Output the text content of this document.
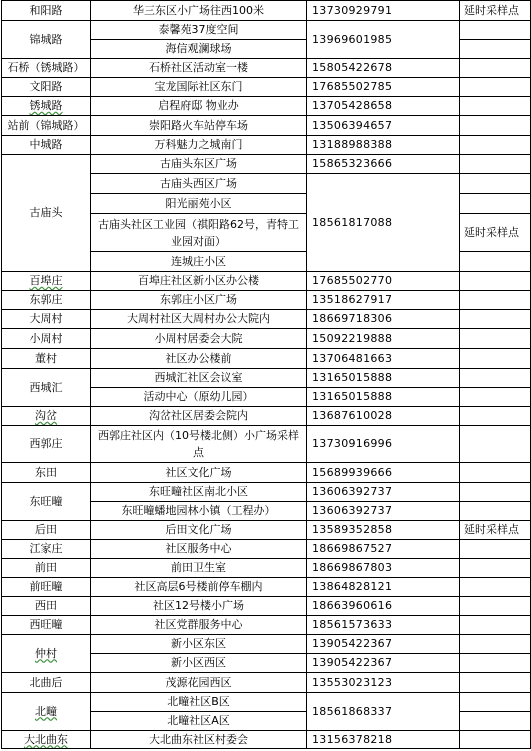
和阳路	华三东区小广场往西100米	13730929791	延时采样点
锦城路	泰馨苑37度空间	13969601985	
	海信观澜球场		
石桥（锈城路）	石桥社区活动室一楼	15805422678	
文阳路	宝龙国际社区东门	17685502785	
锈城路	启程府邸 物业办	13705428658	
站前（锦城路）	崇阳路火车站停车场	13506394657	
中城路	万科魅力之城南门	13188988388	
古庙头	古庙头东区广场	15865323666	
	古庙头西区广场	18561817088	
	阳光丽苑小区		
	古庙头社区工业园（祺阳路62号，青特工业园对面）		延时采样点
	连城庄小区		
百埠庄	百埠庄社区新小区办公楼	17685502770	
东郭庄	东郭庄小区广场	13518627917	
大周村	大周村社区大周村办公大院内	18669718306	
小周村	小周村居委会大院	15092219888	
董村	社区办公楼前	13706481663	
西城汇	西城汇社区会议室	13165015888	
	活动中心（原幼儿园）	13165015888	
沟岔	沟岔社区居委会院内	13687610028	
西郭庄	西郭庄社区内（10号楼北侧）小广场采样点	13730916996	
东田	社区文化广场	15689939666	
东旺疃	东旺疃社区南北小区	13606392737	
	东旺疃蟠地园林小镇（工程办）	13606392737	
后田	后田文化广场	13589352858	延时采样点
江家庄	社区服务中心	18669867527	
前田	前田卫生室	18669867803	
前旺疃	社区高层6号楼前停车棚内	13864828121	
西田	社区12号楼小广场	18663960616	
西旺疃	社区党群服务中心	18561573633	
仲村	新小区东区	13905422367	
	新小区西区	13905422367	
北曲后	茂源花园西区	13553023123	
北疃	北疃社区B区	18561868337	
	北疃社区A区		
大北曲东	大北曲东社区村委会	13156378218	
